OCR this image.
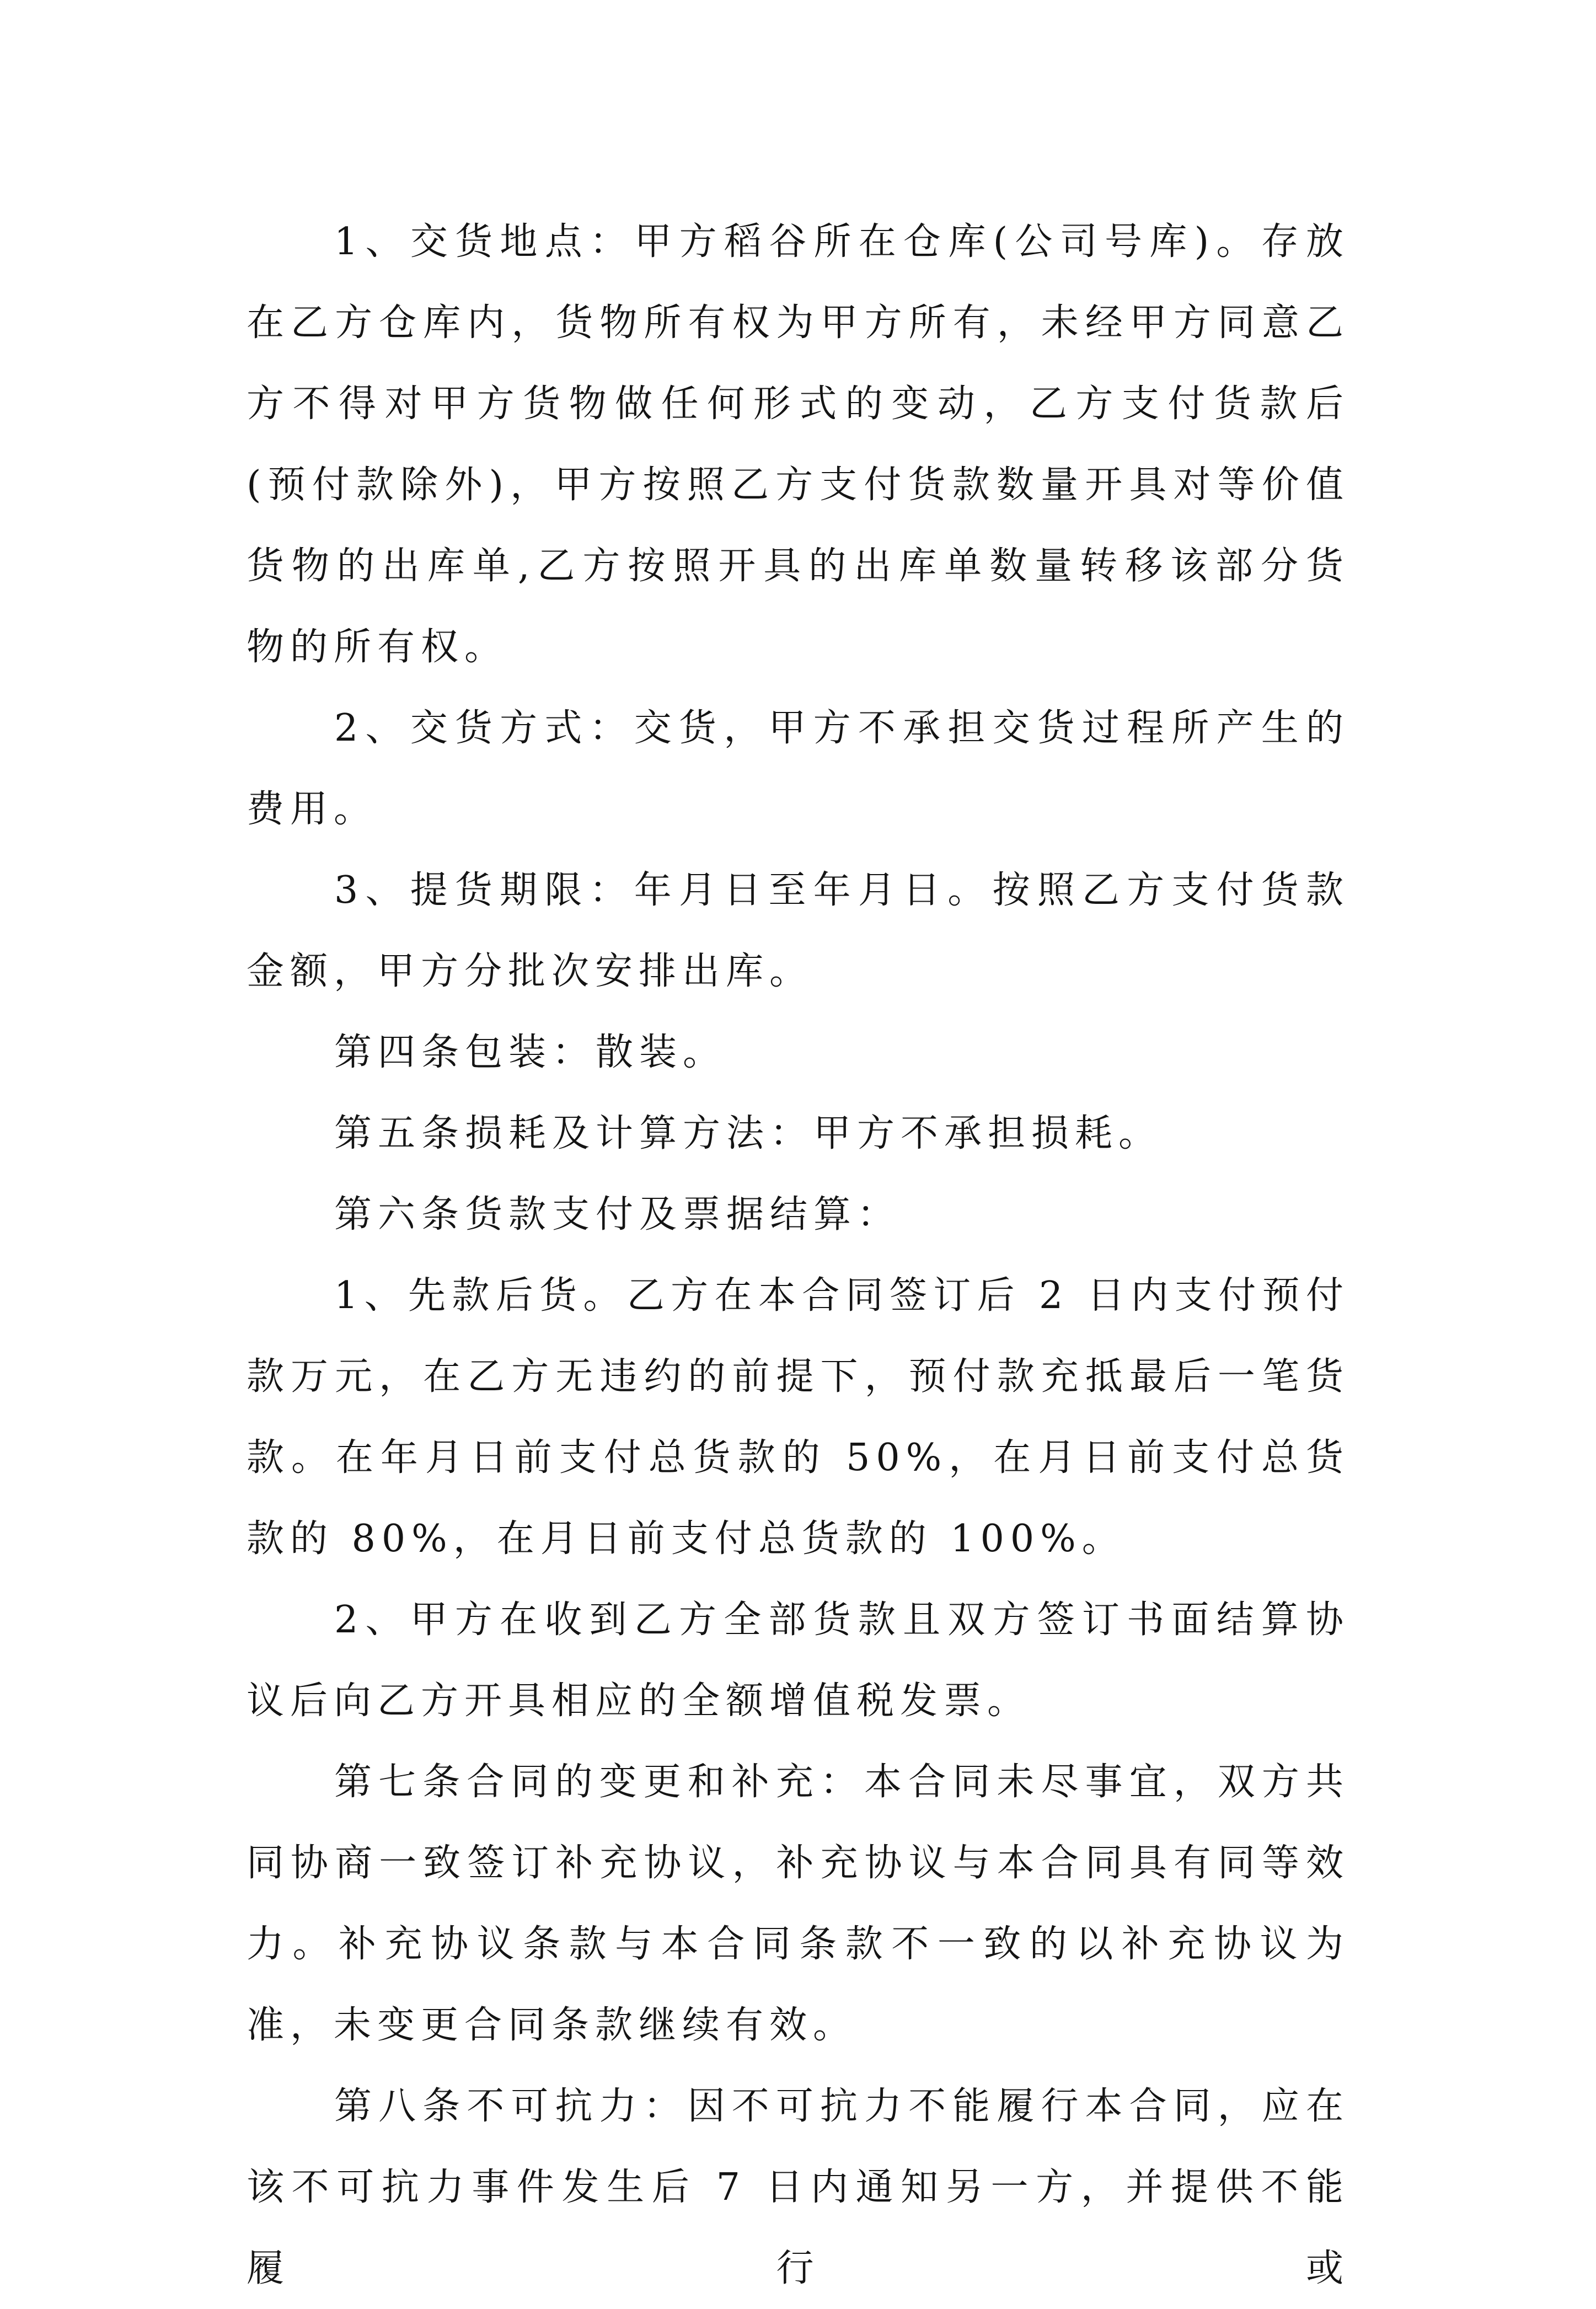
1、交货地点：甲方稻谷所在仓库(公司号库)。存放在乙方仓库内，货物所有权为甲方所有，未经甲方同意乙方不得对甲方货物做任何形式的变动，乙方支付货款后(预付款除外)，甲方按照乙方支付货款数量开具对等价值货物的出库单,乙方按照开具的出库单数量转移该部分货物的所有权。

2、交货方式：交货，甲方不承担交货过程所产生的费用。

3、提货期限：年月日至年月日。按照乙方支付货款金额，甲方分批次安排出库。

第四条包装：散装。

第五条损耗及计算方法：甲方不承担损耗。

第六条货款支付及票据结算：

1、先款后货。乙方在本合同签订后 2 日内支付预付款万元，在乙方无违约的前提下，预付款充抵最后一笔货款。在年月日前支付总货款的 50%，在月日前支付总货款的 80%，在月日前支付总货款的 100%。

2、甲方在收到乙方全部货款且双方签订书面结算协议后向乙方开具相应的全额增值税发票。

第七条合同的变更和补充：本合同未尽事宜，双方共同协商一致签订补充协议，补充协议与本合同具有同等效力。补充协议条款与本合同条款不一致的以补充协议为准，未变更合同条款继续有效。

第八条不可抗力：因不可抗力不能履行本合同，应在该不可抗力事件发生后 7 日内通知另一方，并提供不能履行或
